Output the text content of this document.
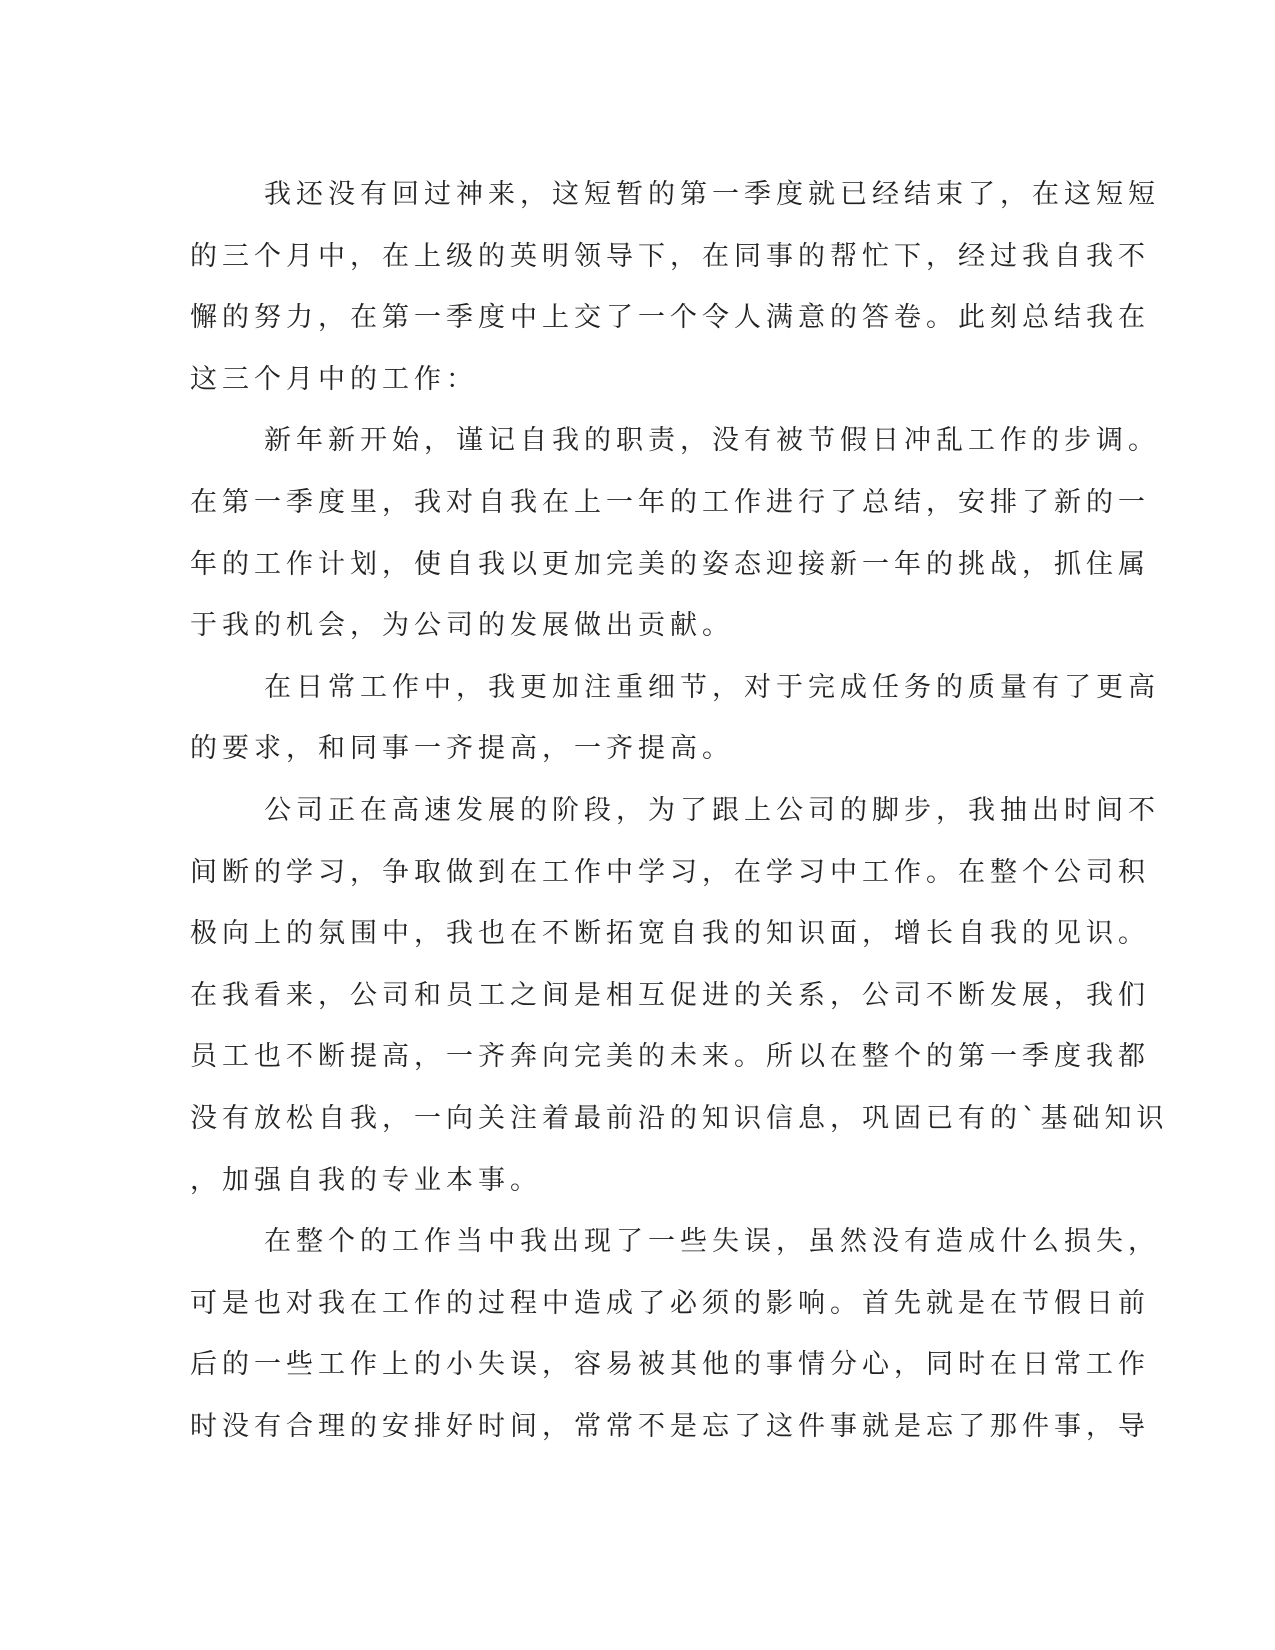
我还没有回过神来，这短暂的第一季度就已经结束了，在这短短
的三个月中，在上级的英明领导下，在同事的帮忙下，经过我自我不
懈的努力，在第一季度中上交了一个令人满意的答卷。此刻总结我在
这三个月中的工作：
新年新开始，谨记自我的职责，没有被节假日冲乱工作的步调。
在第一季度里，我对自我在上一年的工作进行了总结，安排了新的一
年的工作计划，使自我以更加完美的姿态迎接新一年的挑战，抓住属
于我的机会，为公司的发展做出贡献。
在日常工作中，我更加注重细节，对于完成任务的质量有了更高
的要求，和同事一齐提高，一齐提高。
公司正在高速发展的阶段，为了跟上公司的脚步，我抽出时间不
间断的学习，争取做到在工作中学习，在学习中工作。在整个公司积
极向上的氛围中，我也在不断拓宽自我的知识面，增长自我的见识。
在我看来，公司和员工之间是相互促进的关系，公司不断发展，我们
员工也不断提高，一齐奔向完美的未来。所以在整个的第一季度我都
没有放松自我，一向关注着最前沿的知识信息，巩固已有的`基础知识
，加强自我的专业本事。
在整个的工作当中我出现了一些失误，虽然没有造成什么损失，
可是也对我在工作的过程中造成了必须的影响。首先就是在节假日前
后的一些工作上的小失误，容易被其他的事情分心，同时在日常工作
时没有合理的安排好时间，常常不是忘了这件事就是忘了那件事，导
